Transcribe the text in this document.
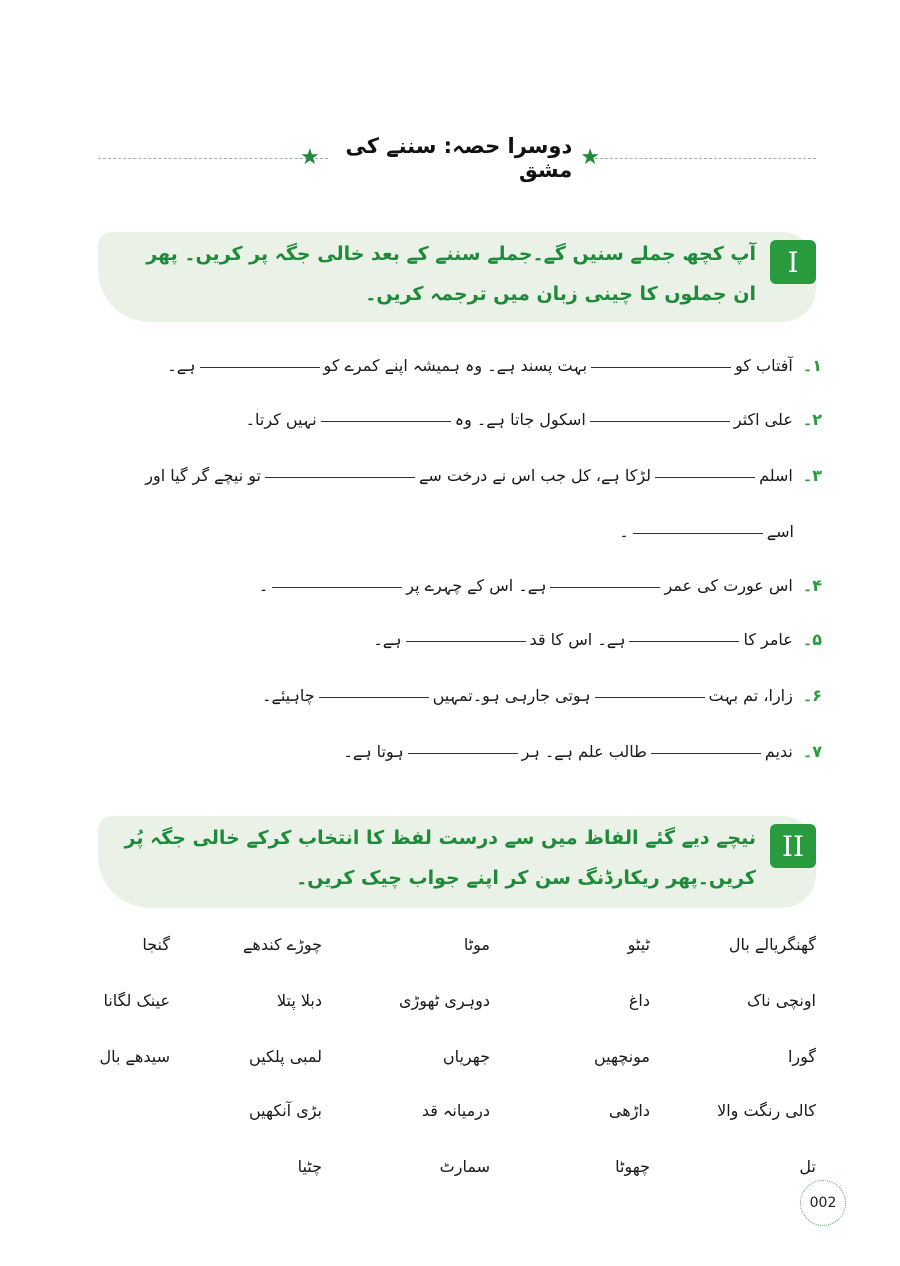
★
دوسرا حصہ: سننے کی مشق
★
I
آپ کچھ جملے سنیں گے۔جملے سننے کے بعد خالی جگہ پر کریں۔ پھر ان جملوں کا چینی زبان میں ترجمہ کریں۔
۱۔آفتاب کوبہت پسند ہے۔ وہ ہمیشہ اپنے کمرے کوہے۔
۲۔علی اکثراسکول جاتا ہے۔ وہنہیں کرتا۔
۳۔اسلملڑکا ہے، کل جب اس نے درخت سےتو نیچے گر گیا اور
اسے۔
۴۔اس عورت کی عمرہے۔ اس کے چہرے پر۔
۵۔عامر کاہے۔ اس کا قدہے۔
۶۔زارا، تم بہتہوتی جارہی ہو۔تمہیںچاہیئے۔
۷۔ندیمطالب علم ہے۔ ہرہوتا ہے۔
II
نیچے دیے گئے الفاظ میں سے درست لفظ کا انتخاب کرکے خالی جگہ پُر کریں۔پھر ریکارڈنگ سن کر اپنے جواب چیک کریں۔
گھنگریالے بال
ٹیٹو
موٹا
چوڑے کندھے
گنجا
اونچی ناک
داغ
دوہری ٹھوڑی
دبلا پتلا
عینک لگانا
گورا
مونچھیں
جھریاں
لمبی پلکیں
سیدھے بال
کالی رنگت والا
داڑھی
درمیانہ قد
بڑی آنکھیں
تل
چھوٹا
سمارٹ
چٹیا
002
